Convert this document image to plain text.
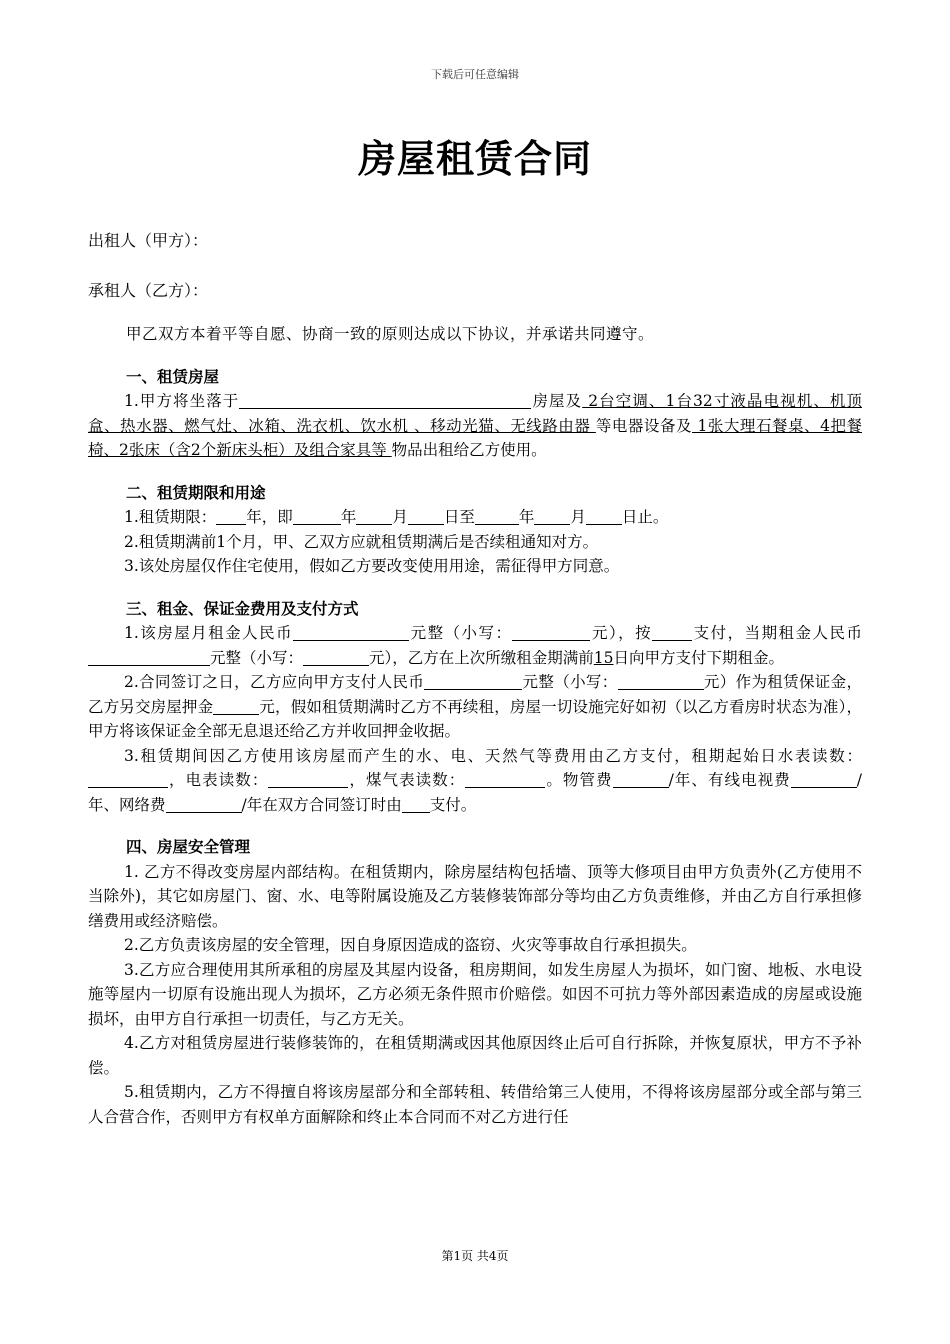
下载后可任意编辑
房屋租赁合同
出租人（甲方）：
承租人（乙方）：
甲乙双方本着平等自愿、协商一致的原则达成以下协议，并承诺共同遵守。
一、租赁房屋
1.甲方将坐落于	房屋及 2台空调、1台32寸液晶电视机、机顶盒、热水器、燃气灶、冰箱、洗衣机、饮水机 、移动光猫、无线路由器 等电器设备及 1张大理石餐桌、4把餐椅、2张床（含2个新床头柜）及组合家具等 物品出租给乙方使用。
二、租赁期限和用途
1.租赁期限： 年，即	年 月 日至	年 月 日止。
2.租赁期满前1个月，甲、乙双方应就租赁期满后是否续租通知对方。
3.该处房屋仅作住宅使用，假如乙方要改变使用用途，需征得甲方同意。
三、租金、保证金费用及支付方式
1.该房屋月租金人民币	元整（小写：	元），按	支付，当期租金人民币元整（小写：	元），乙方在上次所缴租金期满前15日向甲方支付下期租金。
2.合同签订之日，乙方应向甲方支付人民币	元整（小写：	元）作为租赁保证金，乙方另交房屋押金	元，假如租赁期满时乙方不再续租，房屋一切设施完好如初（以乙方看房时状态为准），甲方将该保证金全部无息退还给乙方并收回押金收据。
3.租赁期间因乙方使用该房屋而产生的水、电、天然气等费用由乙方支付，租期起始日水表读数：，电表读数：	，煤气表读数：	。物管费	/年、有线电视费	/年、网络费	/年在双方合同签订时由 支付。
四、房屋安全管理
1. 乙方不得改变房屋内部结构。在租赁期内，除房屋结构包括墙、顶等大修项目由甲方负责外(乙方使用不当除外)，其它如房屋门、窗、水、电等附属设施及乙方装修装饰部分等均由乙方负责维修，并由乙方自行承担修缮费用或经济赔偿。
2.乙方负责该房屋的安全管理，因自身原因造成的盗窃、火灾等事故自行承担损失。
3.乙方应合理使用其所承租的房屋及其屋内设备，租房期间，如发生房屋人为损坏，如门窗、地板、水电设施等屋内一切原有设施出现人为损坏，乙方必须无条件照市价赔偿。如因不可抗力等外部因素造成的房屋或设施损坏，由甲方自行承担一切责任，与乙方无关。
4.乙方对租赁房屋进行装修装饰的，在租赁期满或因其他原因终止后可自行拆除，并恢复原状，甲方不予补偿。
5.租赁期内，乙方不得擅自将该房屋部分和全部转租、转借给第三人使用，不得将该房屋部分或全部与第三人合营合作，否则甲方有权单方面解除和终止本合同而不对乙方进行任
第1页 共4页
